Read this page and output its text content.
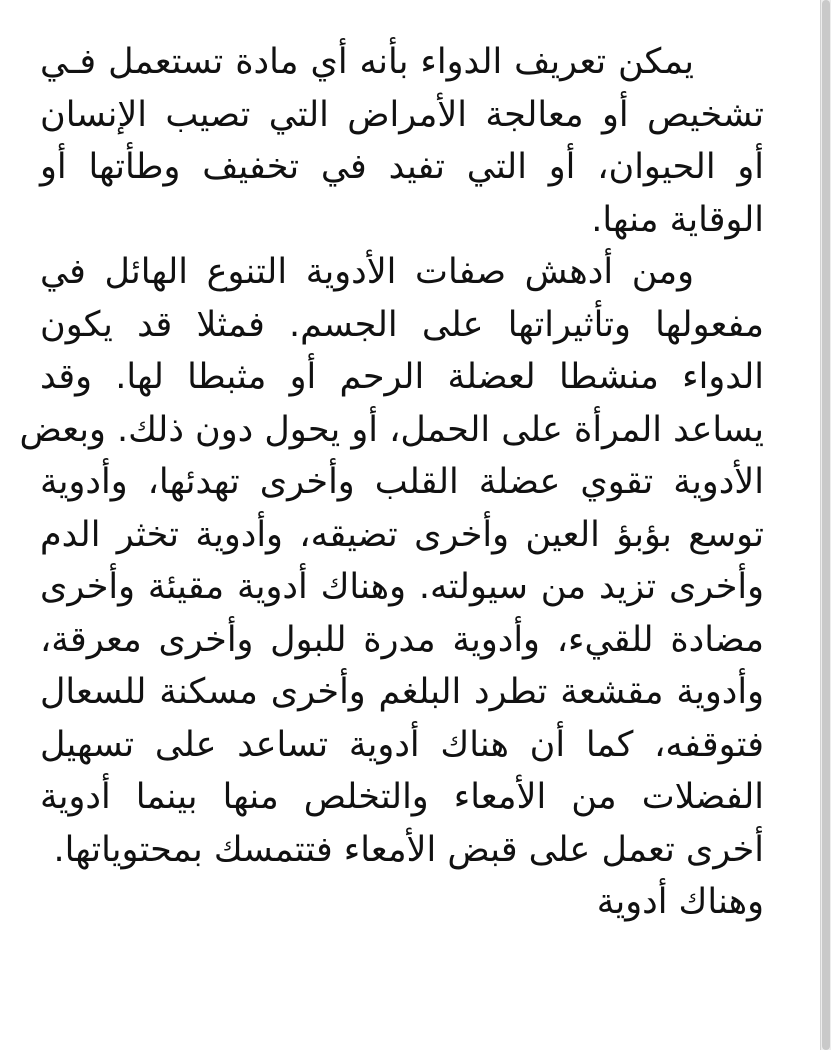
يمكن تعريف الدواء بأنه أي مادة تستعمل فـي
تشخيص أو معالجة الأمراض التي تصيب الإنسان
أو الحيوان، أو التي تفيد في تخفيف وطأتها أو
الوقاية منها.
ومن أدهش صفات الأدوية التنوع الهائل في
مفعولها وتأثيراتها على الجسم. فمثلا قد يكون
الدواء منشطا لعضلة الرحم أو مثبطا لها. وقد
يساعد المرأة على الحمل، أو يحول دون ذلك. وبعض
الأدوية تقوي عضلة القلب وأخرى تهدئها، وأدوية
توسع بؤبؤ العين وأخرى تضيقه، وأدوية تخثر الدم
وأخرى تزيد من سيولته. وهناك أدوية مقيئة وأخرى
مضادة للقيء، وأدوية مدرة للبول وأخرى معرقة،
وأدوية مقشعة تطرد البلغم وأخرى مسكنة للسعال
فتوقفه، كما أن هناك أدوية تساعد على تسهيل
الفضلات من الأمعاء والتخلص منها بينما أدوية
أخرى تعمل على قبض الأمعاء فتتمسك بمحتوياتها.
وهناك أدوية
